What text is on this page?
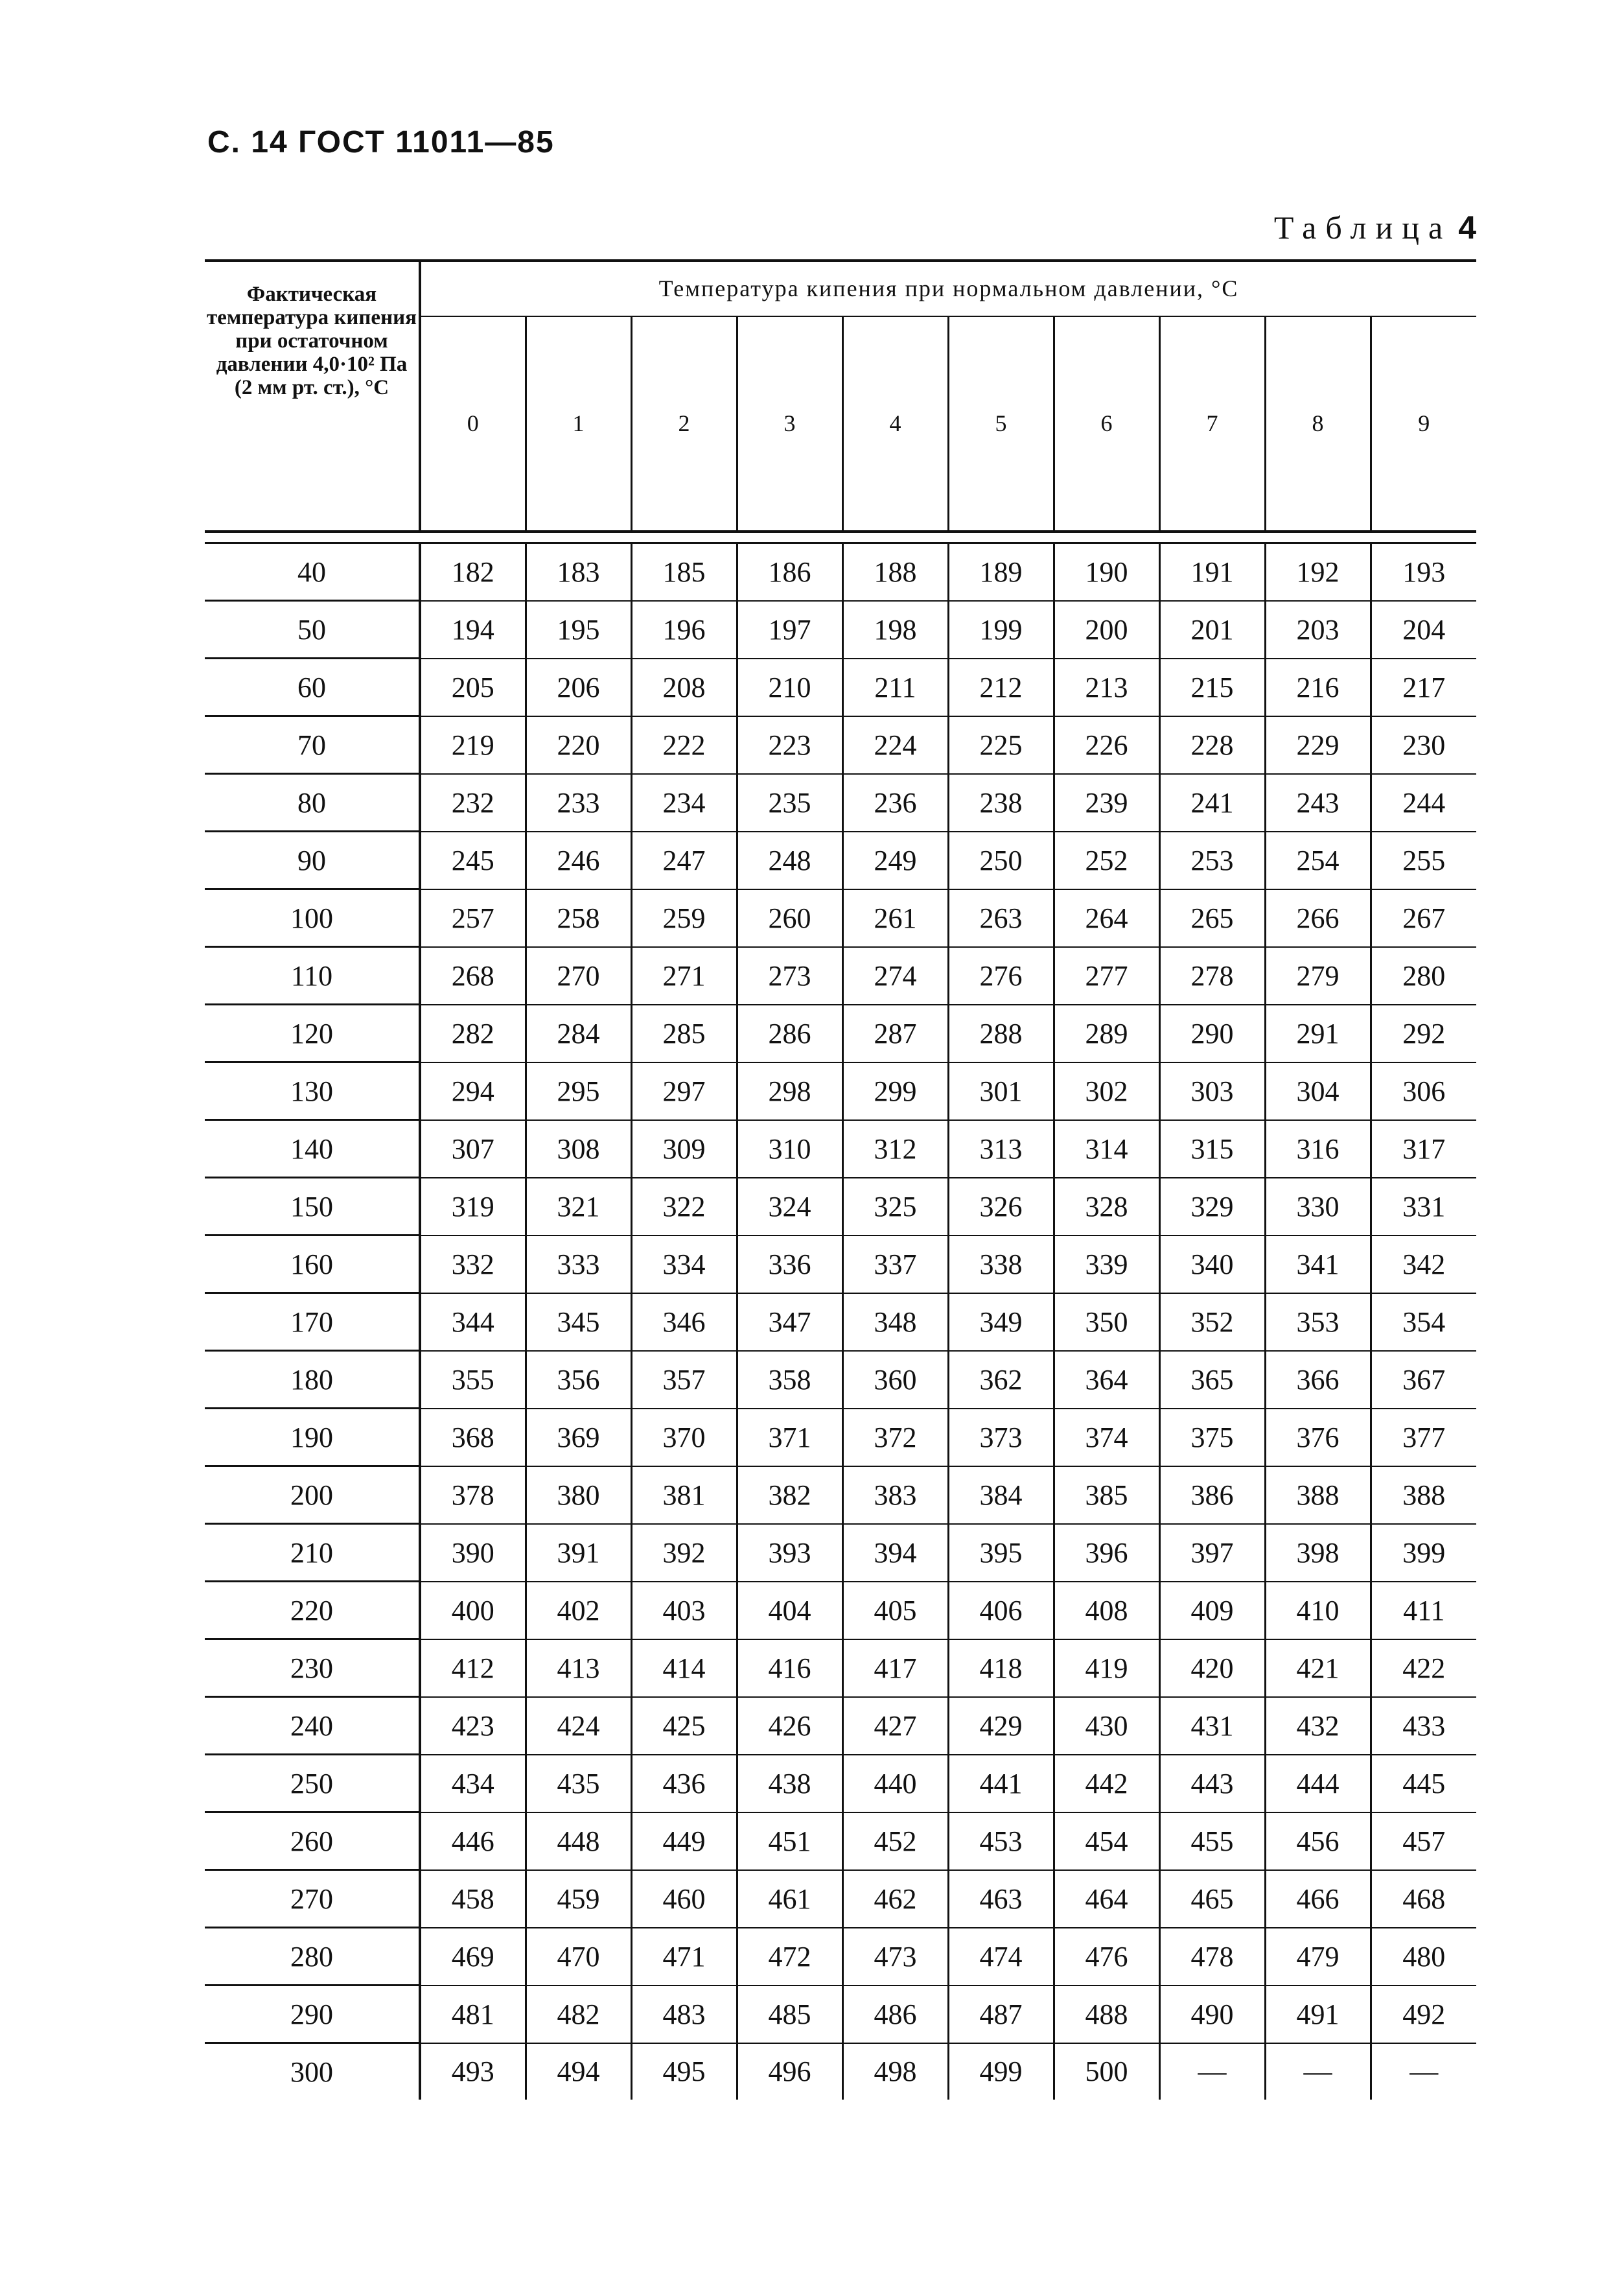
С. 14 ГОСТ 11011—85
Таблица 4
Фактическая температура кипения при остаточном давлении 4,0·10² Па (2 мм рт. ст.), °С	Температура кипения при нормальном давлении, °С									
	0	1	2	3	4	5	6	7	8	9

40	182	183	185	186	188	189	190	191	192	193
50	194	195	196	197	198	199	200	201	203	204
60	205	206	208	210	211	212	213	215	216	217
70	219	220	222	223	224	225	226	228	229	230
80	232	233	234	235	236	238	239	241	243	244
90	245	246	247	248	249	250	252	253	254	255
100	257	258	259	260	261	263	264	265	266	267
110	268	270	271	273	274	276	277	278	279	280
120	282	284	285	286	287	288	289	290	291	292
130	294	295	297	298	299	301	302	303	304	306
140	307	308	309	310	312	313	314	315	316	317
150	319	321	322	324	325	326	328	329	330	331
160	332	333	334	336	337	338	339	340	341	342
170	344	345	346	347	348	349	350	352	353	354
180	355	356	357	358	360	362	364	365	366	367
190	368	369	370	371	372	373	374	375	376	377
200	378	380	381	382	383	384	385	386	388	388
210	390	391	392	393	394	395	396	397	398	399
220	400	402	403	404	405	406	408	409	410	411
230	412	413	414	416	417	418	419	420	421	422
240	423	424	425	426	427	429	430	431	432	433
250	434	435	436	438	440	441	442	443	444	445
260	446	448	449	451	452	453	454	455	456	457
270	458	459	460	461	462	463	464	465	466	468
280	469	470	471	472	473	474	476	478	479	480
290	481	482	483	485	486	487	488	490	491	492
300	493	494	495	496	498	499	500	—	—	—
